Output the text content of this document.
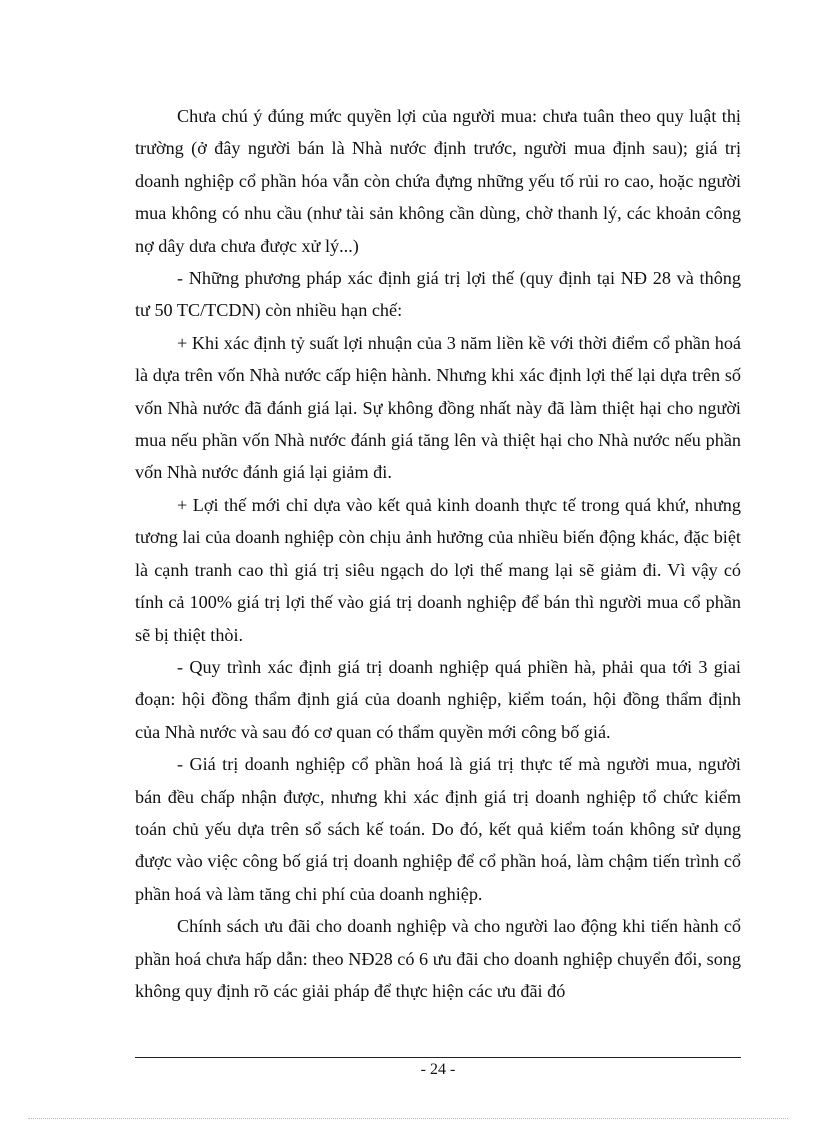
Chưa chú ý đúng mức quyền lợi của người mua: chưa tuân theo quy luật thị trường (ở đây người bán là Nhà nước định trước, người mua định sau); giá trị doanh nghiệp cổ phần hóa vẫn còn chứa đựng những yếu tố rủi ro cao, hoặc người mua không có nhu cầu (như tài sản không cần dùng, chờ thanh lý, các khoản công nợ dây dưa chưa được xử lý...)

- Những phương pháp xác định giá trị lợi thế (quy định tại NĐ 28 và thông tư 50 TC/TCDN) còn nhiều hạn chế:

+ Khi xác định tỷ suất lợi nhuận của 3 năm liền kề với thời điểm cổ phần hoá là dựa trên vốn Nhà nước cấp hiện hành. Nhưng khi xác định lợi thế lại dựa trên số vốn Nhà nước đã đánh giá lại. Sự không đồng nhất này đã làm thiệt hại cho người mua nếu phần vốn Nhà nước đánh giá tăng lên và thiệt hại cho Nhà nước nếu phần vốn Nhà nước đánh giá lại giảm đi.

+ Lợi thế mới chỉ dựa vào kết quả kinh doanh thực tế trong quá khứ, nhưng tương lai của doanh nghiệp còn chịu ảnh hưởng của nhiều biến động khác, đặc biệt là cạnh tranh cao thì giá trị siêu ngạch do lợi thế mang lại sẽ giảm đi. Vì vậy có tính cả 100% giá trị lợi thế vào giá trị doanh nghiệp để bán thì người mua cổ phần sẽ bị thiệt thòi.

- Quy trình xác định giá trị doanh nghiệp quá phiền hà, phải qua tới 3 giai đoạn: hội đồng thẩm định giá của doanh nghiệp, kiểm toán, hội đồng thẩm định của Nhà nước và sau đó cơ quan có thẩm quyền mới công bố giá.

- Giá trị doanh nghiệp cổ phần hoá là giá trị thực tế mà người mua, người bán đều chấp nhận được, nhưng khi xác định giá trị doanh nghiệp tổ chức kiểm toán chủ yếu dựa trên sổ sách kế toán. Do đó, kết quả kiểm toán không sử dụng được vào việc công bố giá trị doanh nghiệp để cổ phần hoá, làm chậm tiến trình cổ phần hoá và làm tăng chi phí của doanh nghiệp.

Chính sách ưu đãi cho doanh nghiệp và cho người lao động khi tiến hành cổ phần hoá chưa hấp dẫn: theo NĐ28 có 6 ưu đãi cho doanh nghiệp chuyển đổi, song không quy định rõ các giải pháp để thực hiện các ưu đãi đó

- 24 -
